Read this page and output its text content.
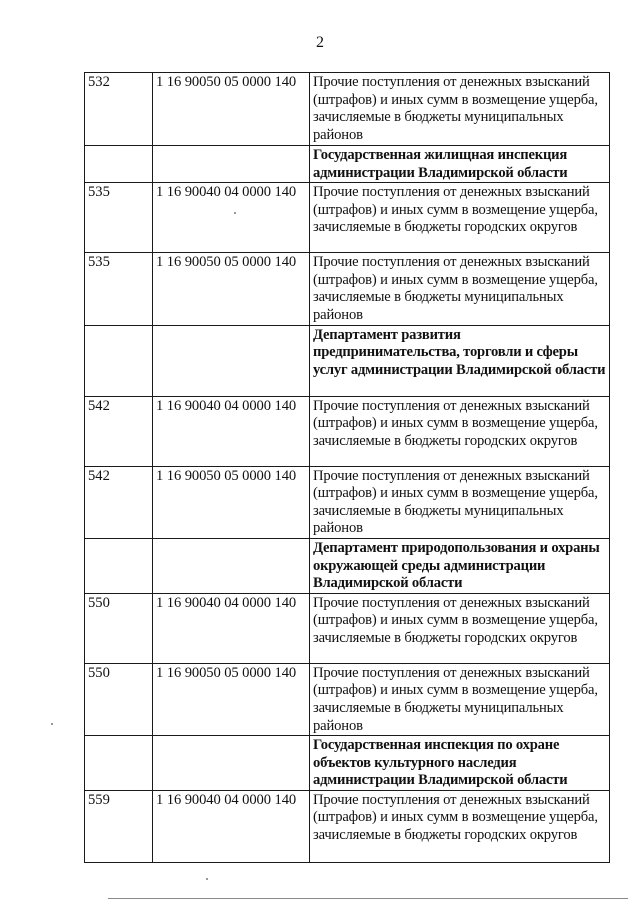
2
532	1 16 90050 05 0000 140	Прочие поступления от денежных взысканий (штрафов) и иных сумм в возмещение ущерба, зачисляемые в бюджеты муниципальных районов
		Государственная жилищная инспекция администрации Владимирской области
535	1 16 90040 04 0000 140	Прочие поступления от денежных взысканий (штрафов) и иных сумм в возмещение ущерба, зачисляемые в бюджеты городских округов
535	1 16 90050 05 0000 140	Прочие поступления от денежных взысканий (штрафов) и иных сумм в возмещение ущерба, зачисляемые в бюджеты муниципальных районов
		Департамент развития предпринимательства, торговли и сферы услуг администрации Владимирской области
542	1 16 90040 04 0000 140	Прочие поступления от денежных взысканий (штрафов) и иных сумм в возмещение ущерба, зачисляемые в бюджеты городских округов
542	1 16 90050 05 0000 140	Прочие поступления от денежных взысканий (штрафов) и иных сумм в возмещение ущерба, зачисляемые в бюджеты муниципальных районов
		Департамент природопользования и охраны окружающей среды администрации Владимирской области
550	1 16 90040 04 0000 140	Прочие поступления от денежных взысканий (штрафов) и иных сумм в возмещение ущерба, зачисляемые в бюджеты городских округов
550	1 16 90050 05 0000 140	Прочие поступления от денежных взысканий (штрафов) и иных сумм в возмещение ущерба, зачисляемые в бюджеты муниципальных районов
		Государственная инспекция по охране объектов культурного наследия администрации Владимирской области
559	1 16 90040 04 0000 140	Прочие поступления от денежных взысканий (штрафов) и иных сумм в возмещение ущерба, зачисляемые в бюджеты городских округов
